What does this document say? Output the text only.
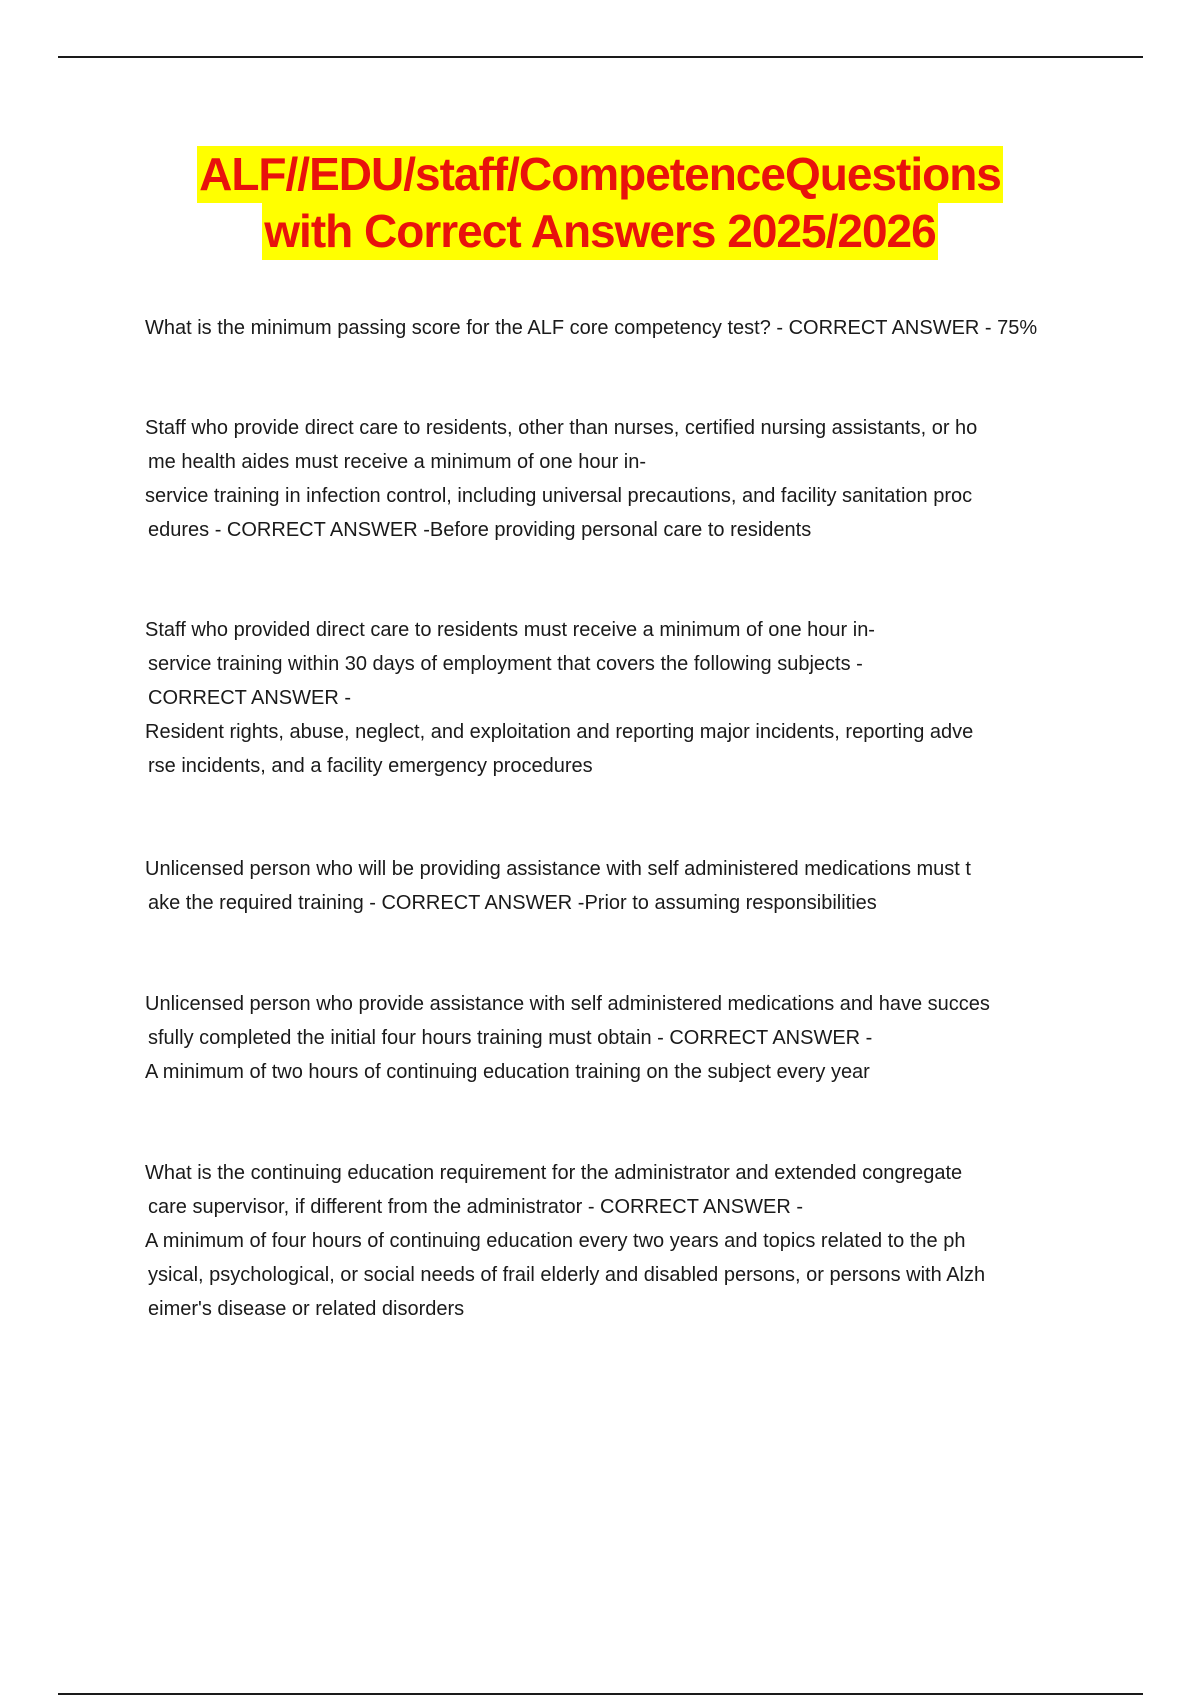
ALF//EDU/staff/CompetenceQuestions
with Correct Answers 2025/2026
What is the minimum passing score for the ALF core competency test? - CORRECT ANSWER - 75%
Staff who provide direct care to residents, other than nurses, certified nursing assistants, or ho
me health aides must receive a minimum of one hour in-
service training in infection control, including universal precautions, and facility sanitation proc
edures - CORRECT ANSWER -Before providing personal care to residents
Staff who provided direct care to residents must receive a minimum of one hour in-
service training within 30 days of employment that covers the following subjects -
CORRECT ANSWER -
Resident rights, abuse, neglect, and exploitation and reporting major incidents, reporting adve
rse incidents, and a facility emergency procedures
Unlicensed person who will be providing assistance with self administered medications must t
ake the required training - CORRECT ANSWER -Prior to assuming responsibilities
Unlicensed person who provide assistance with self administered medications and have succes
sfully completed the initial four hours training must obtain - CORRECT ANSWER -
A minimum of two hours of continuing education training on the subject every year
What is the continuing education requirement for the administrator and extended congregate
care supervisor, if different from the administrator - CORRECT ANSWER -
A minimum of four hours of continuing education every two years and topics related to the ph
ysical, psychological, or social needs of frail elderly and disabled persons, or persons with Alzh
eimer's disease or related disorders
